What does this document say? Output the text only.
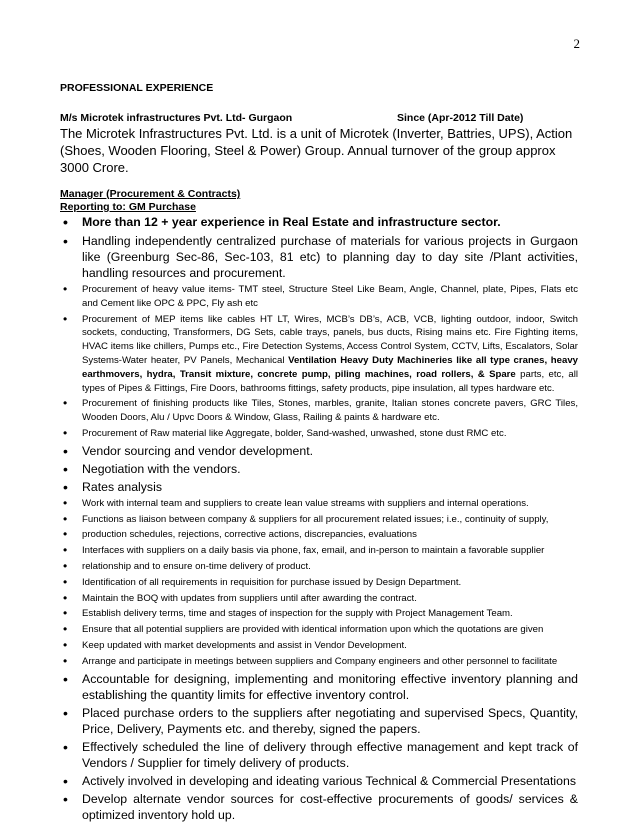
2
PROFESSIONAL EXPERIENCE
M/s Microtek infrastructures Pvt. Ltd- Gurgaon	Since (Apr-2012 Till Date)
The Microtek Infrastructures Pvt. Ltd. is a unit of Microtek (Inverter, Battries, UPS), Action (Shoes, Wooden Flooring, Steel & Power) Group. Annual turnover of the group approx 3000 Crore.
Manager (Procurement & Contracts)
Reporting to: GM Purchase
• More than 12 + year experience in Real Estate and infrastructure sector.
• Handling independently centralized purchase of materials for various projects in Gurgaon like (Greenburg Sec-86, Sec-103, 81 etc) to planning day to day site /Plant activities, handling resources and procurement.
• Procurement of heavy value items- TMT steel, Structure Steel Like Beam, Angle, Channel, plate, Pipes, Flats etc and Cement like OPC & PPC, Fly ash etc
• Procurement of MEP items like cables HT LT, Wires, MCB’s DB’s, ACB, VCB, lighting outdoor, indoor, Switch sockets, conducting, Transformers, DG Sets, cable trays, panels, bus ducts, Rising mains etc. Fire Fighting items, HVAC items like chillers, Pumps etc., Fire Detection Systems, Access Control System, CCTV, Lifts, Escalators, Solar Systems-Water heater, PV Panels, Mechanical Ventilation Heavy Duty Machineries like all type cranes, heavy earthmovers, hydra, Transit mixture, concrete pump, piling machines, road rollers, & Spare parts, etc, all types of Pipes & Fittings, Fire Doors, bathrooms fittings, safety products, pipe insulation, all types hardware etc.
• Procurement of finishing products like Tiles, Stones, marbles, granite, Italian stones concrete pavers, GRC Tiles, Wooden Doors, Alu / Upvc Doors & Window, Glass, Railing & paints & hardware etc.
• Procurement of Raw material like Aggregate, bolder, Sand-washed, unwashed, stone dust RMC etc.
• Vendor sourcing and vendor development.
• Negotiation with the vendors.
• Rates analysis
• Work with internal team and suppliers to create lean value streams with suppliers and internal operations.
• Functions as liaison between company & suppliers for all procurement related issues; i.e., continuity of supply,
• production schedules, rejections, corrective actions, discrepancies, evaluations
• Interfaces with suppliers on a daily basis via phone, fax, email, and in-person to maintain a favorable supplier
• relationship and to ensure on-time delivery of product.
• Identification of all requirements in requisition for purchase issued by Design Department.
• Maintain the BOQ with updates from suppliers until after awarding the contract.
• Establish delivery terms, time and stages of inspection for the supply with Project Management Team.
• Ensure that all potential suppliers are provided with identical information upon which the quotations are given
• Keep updated with market developments and assist in Vendor Development.
• Arrange and participate in meetings between suppliers and Company engineers and other personnel to facilitate
• Accountable for designing, implementing and monitoring effective inventory planning and establishing the quantity limits for effective inventory control.
• Placed purchase orders to the suppliers after negotiating and supervised Specs, Quantity, Price, Delivery, Payments etc. and thereby, signed the papers.
• Effectively scheduled the line of delivery through effective management and kept track of Vendors / Supplier for timely delivery of products.
• Actively involved in developing and ideating various Technical & Commercial Presentations
• Develop alternate vendor sources for cost-effective procurements of goods/ services & optimized inventory hold up.
